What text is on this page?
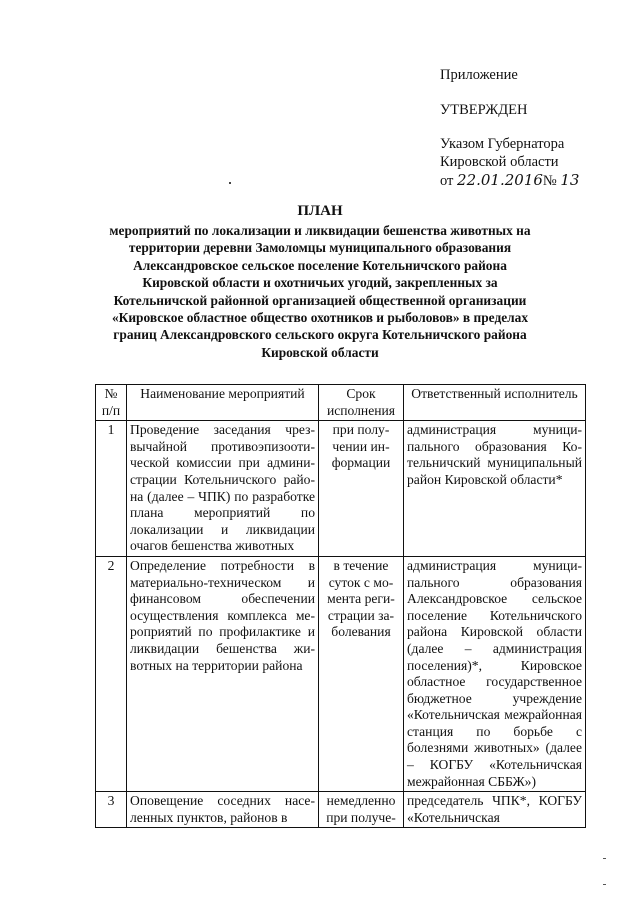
Приложение
УТВЕРЖДЕН
Указом Губернатора
Кировской области
от 22.01.2016№ 13
ПЛАН
мероприятий по локализации и ликвидации бешенства животных на территории деревни Замоломцы муниципального образования Александровское сельское поселение Котельничского района Кировской области и охотничьих угодий, закрепленных за Котельничской районной организацией общественной организации «Кировское областное общество охотников и рыболовов» в пределах границ Александровского сельского округа Котельничского района Кировской области
№ п/п	Наименование мероприятий	Срок исполнения	Ответственный исполнитель
1	Проведение заседания чрезвычайной противоэпизоотической комиссии при администрации Котельничского района (далее – ЧПК) по разработке плана мероприятий по локализации и ликвидации очагов бешенства животных	при получении информации	администрация муниципального образования Котельничский муниципальный район Кировской области*
2	Определение потребности в материально-техническом и финансовом обеспечении осуществления комплекса мероприятий по профилактике и ликвидации бешенства животных на территории района	в течение суток с момента регистрации заболевания	администрация муниципального образования Александровское сельское поселение Котельничского района Кировской области (далее – администрация поселения)*, Кировское областное государственное бюджетное учреждение «Котельничская межрайонная станция по борьбе с болезнями животных» (далее – КОГБУ «Котельничская межрайонная СББЖ»)
3	Оповещение соседних населенных пунктов, районов в	немедленно при получе-	председатель ЧПК*, КОГБУ «Котельничская
